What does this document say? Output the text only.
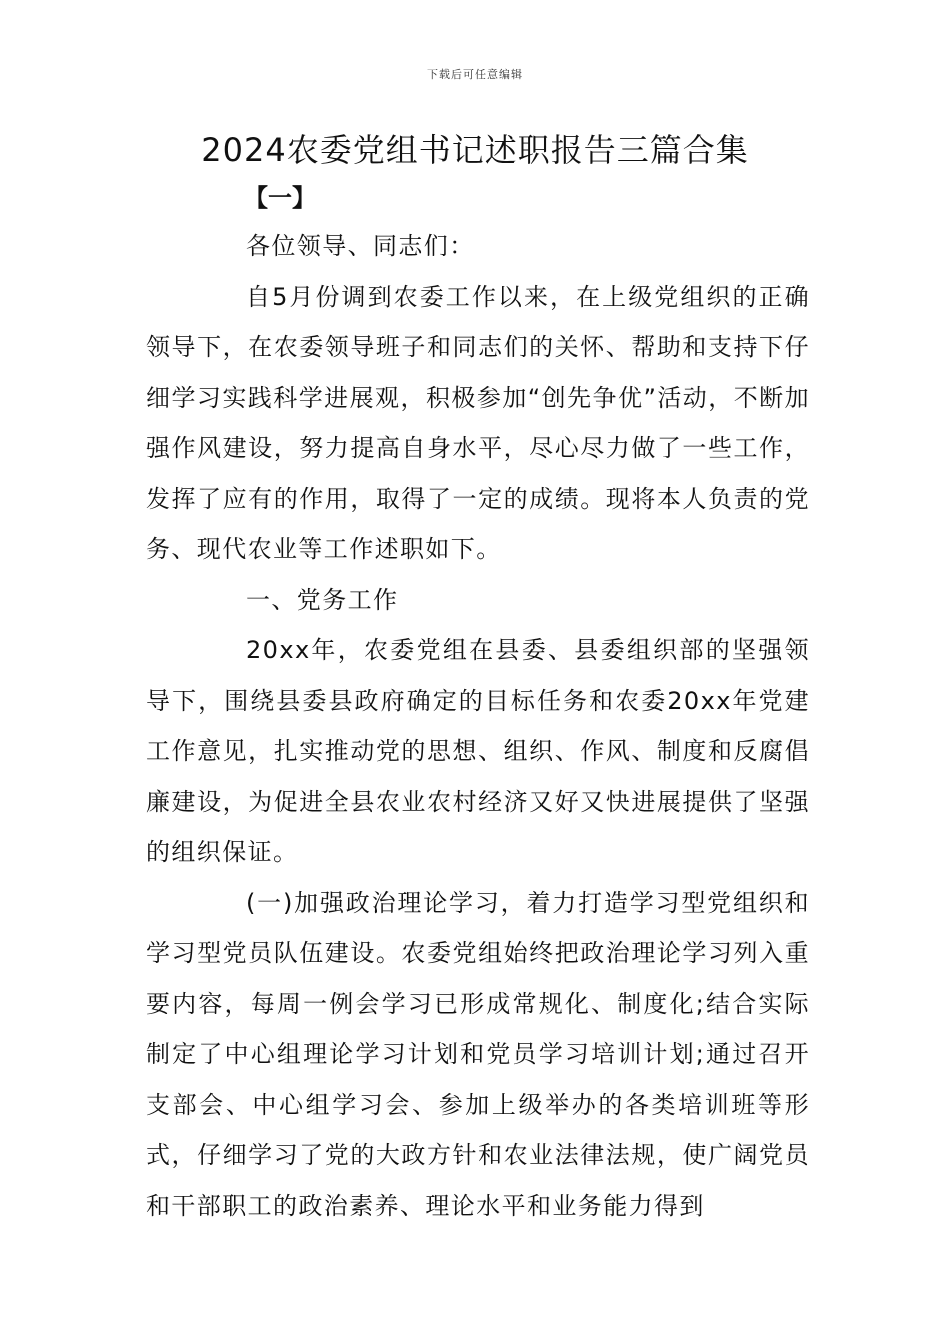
下载后可任意编辑
2024农委党组书记述职报告三篇合集
【一】

各位领导、同志们：

自5月份调到农委工作以来，在上级党组织的正确领导下，在农委领导班子和同志们的关怀、帮助和支持下仔细学习实践科学进展观，积极参加“创先争优”活动，不断加强作风建设，努力提高自身水平，尽心尽力做了一些工作，发挥了应有的作用，取得了一定的成绩。现将本人负责的党务、现代农业等工作述职如下。

一、党务工作

20xx年，农委党组在县委、县委组织部的坚强领导下，围绕县委县政府确定的目标任务和农委20xx年党建工作意见，扎实推动党的思想、组织、作风、制度和反腐倡廉建设，为促进全县农业农村经济又好又快进展提供了坚强的组织保证。

(一)加强政治理论学习，着力打造学习型党组织和学习型党员队伍建设。农委党组始终把政治理论学习列入重要内容，每周一例会学习已形成常规化、制度化;结合实际制定了中心组理论学习计划和党员学习培训计划;通过召开支部会、中心组学习会、参加上级举办的各类培训班等形式，仔细学习了党的大政方针和农业法律法规，使广阔党员和干部职工的政治素养、理论水平和业务能力得到
